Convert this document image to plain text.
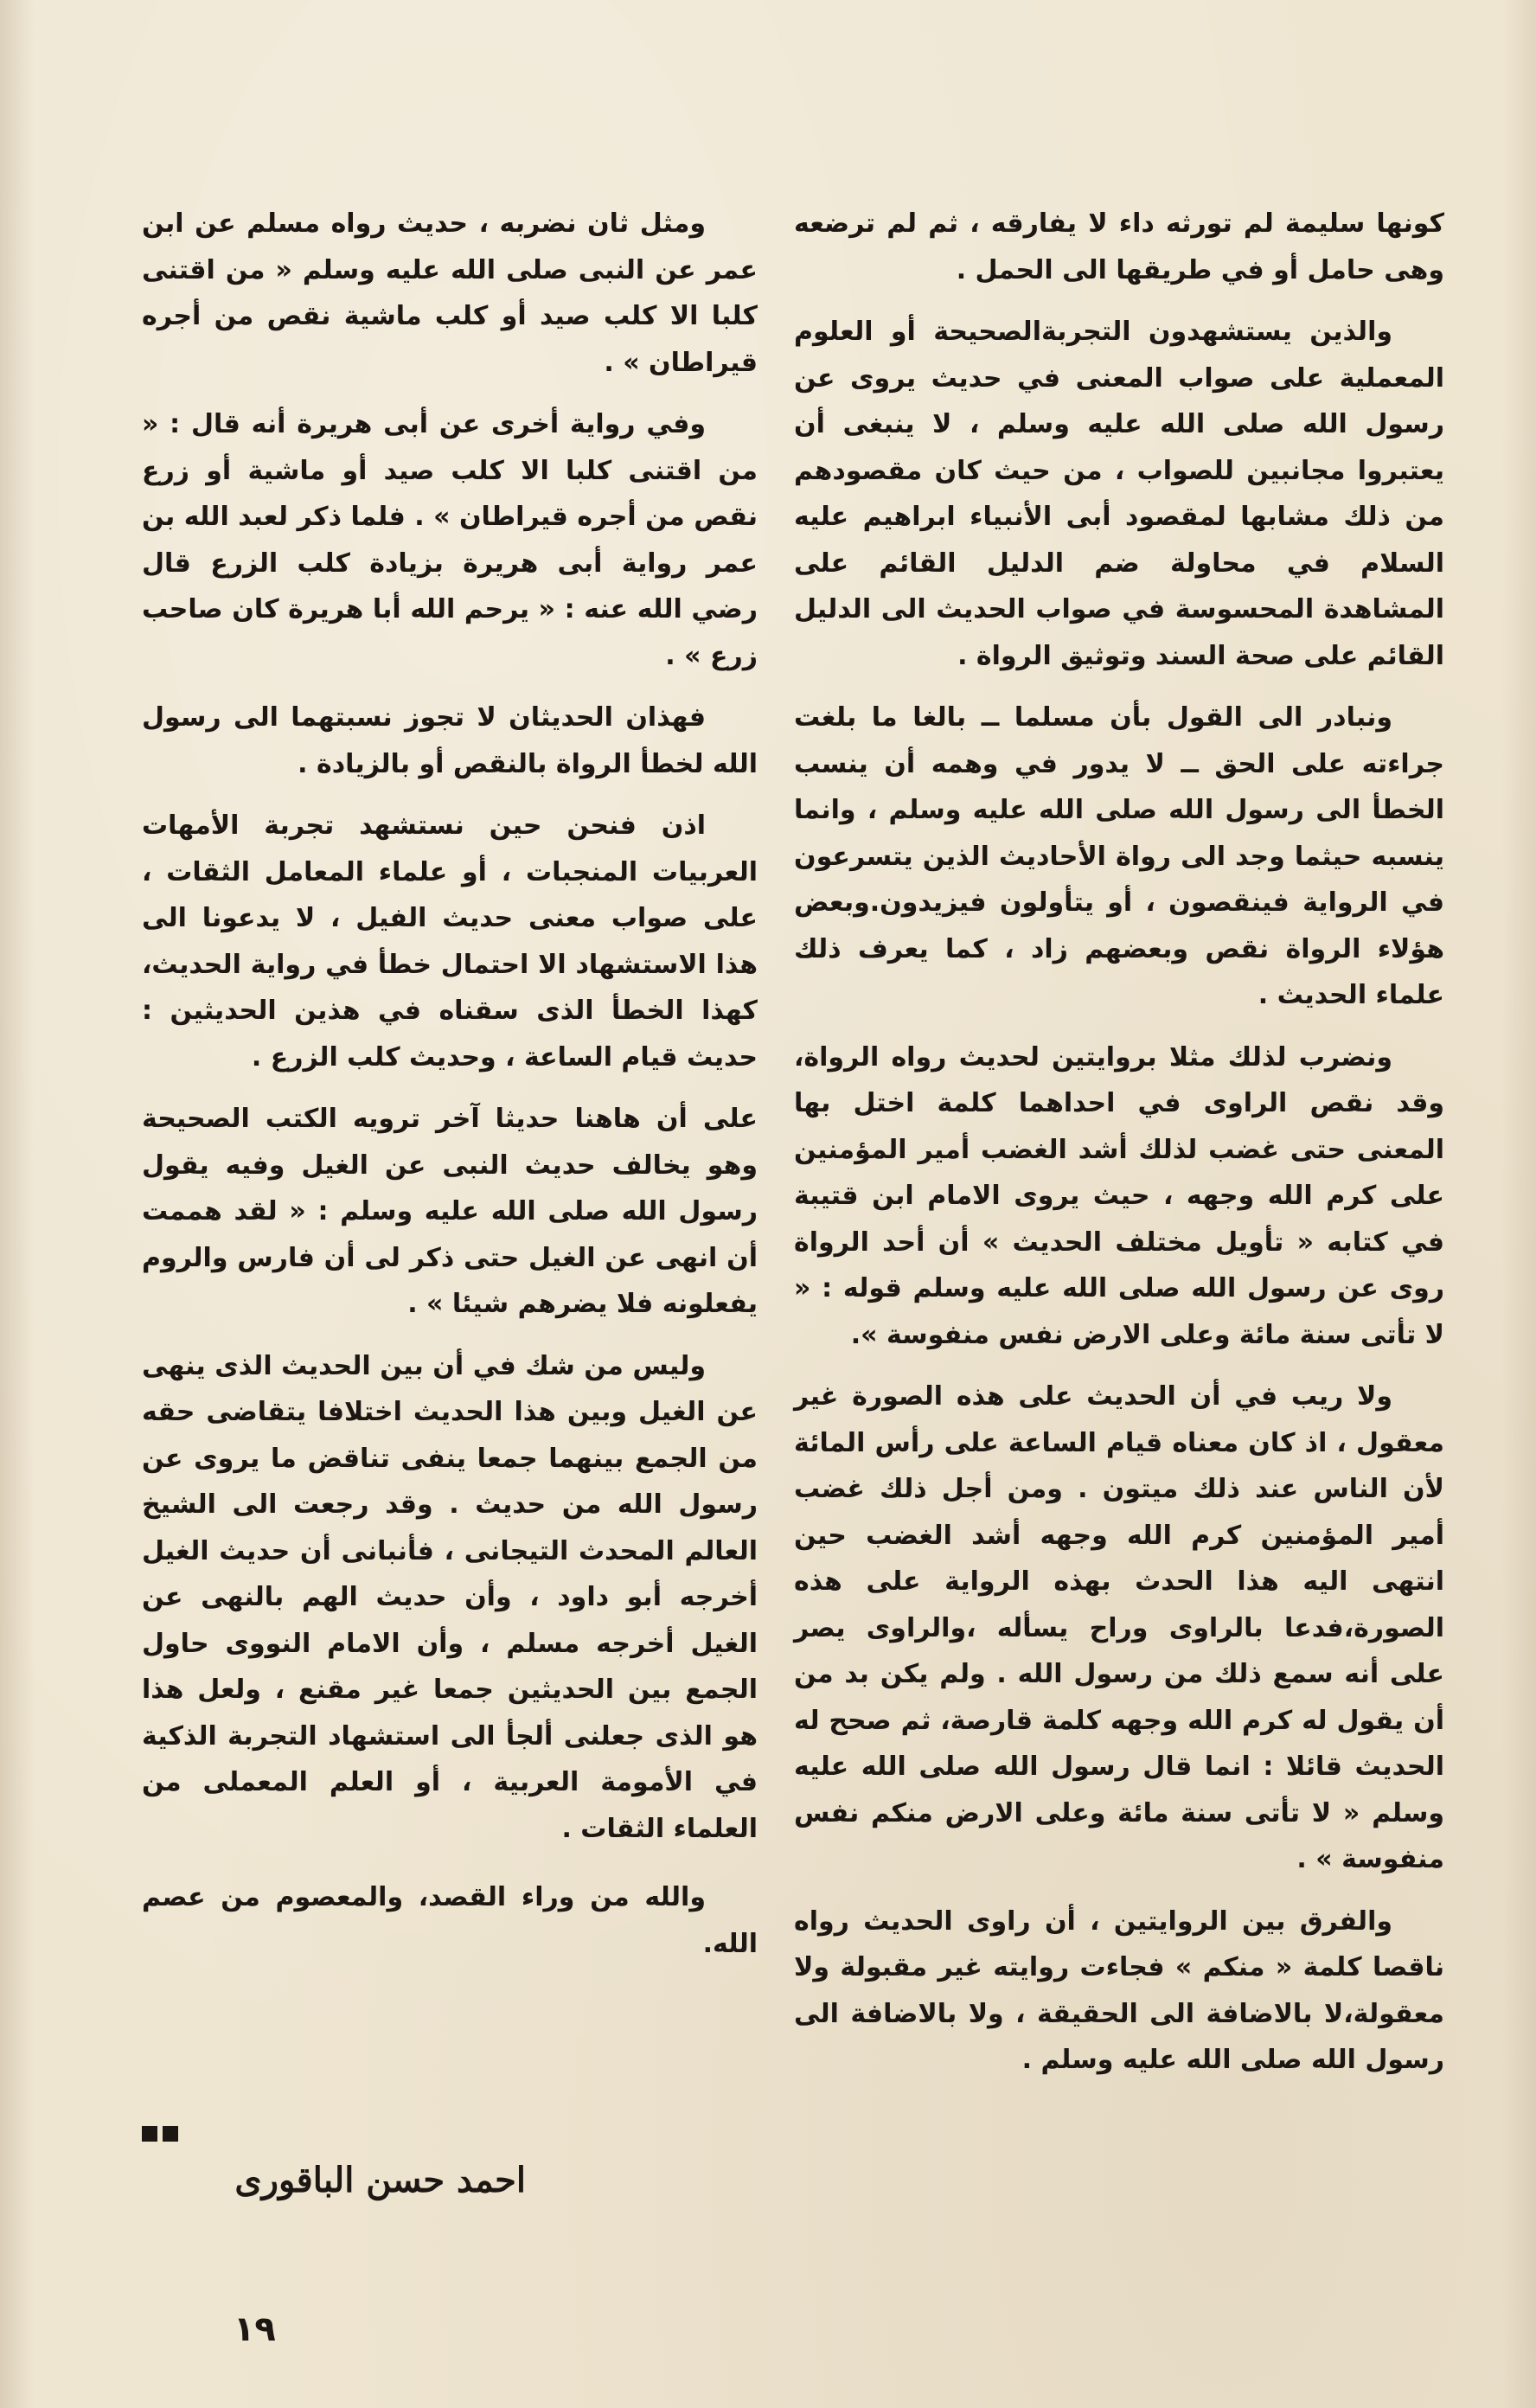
كونها سليمة لم تورثه داء لا يفارقه ، ثم لم ترضعه وهى حامل أو في طريقها الى الحمل .

والذين يستشهدون التجربةالصحيحة أو العلوم المعملية على صواب المعنى في حديث يروى عن رسول الله صلى الله عليه وسلم ، لا ينبغى أن يعتبروا مجانبين للصواب ، من حيث كان مقصودهم من ذلك مشابها لمقصود أبى الأنبياء ابراهيم عليه السلام في محاولة ضم الدليل القائم على المشاهدة المحسوسة في صواب الحديث الى الدليل القائم على صحة السند وتوثيق الرواة .

ونبادر الى القول بأن مسلما ــ بالغا ما بلغت جراءته على الحق ــ لا يدور في وهمه أن ينسب الخطأ الى رسول الله صلى الله عليه وسلم ، وانما ينسبه حيثما وجد الى رواة الأحاديث الذين يتسرعون في الرواية فينقصون ، أو يتأولون فيزيدون.وبعض هؤلاء الرواة نقص وبعضهم زاد ، كما يعرف ذلك علماء الحديث .

ونضرب لذلك مثلا بروايتين لحديث رواه الرواة، وقد نقص الراوى في احداهما كلمة اختل بها المعنى حتى غضب لذلك أشد الغضب أمير المؤمنين على كرم الله وجهه ، حيث يروى الامام ابن قتيبة في كتابه « تأويل مختلف الحديث » أن أحد الرواة روى عن رسول الله صلى الله عليه وسلم قوله : « لا تأتى سنة مائة وعلى الارض نفس منفوسة ».

ولا ريب في أن الحديث على هذه الصورة غير معقول ، اذ كان معناه قيام الساعة على رأس المائة لأن الناس عند ذلك ميتون . ومن أجل ذلك غضب أمير المؤمنين كرم الله وجهه أشد الغضب حين انتهى اليه هذا الحدث بهذه الرواية على هذه الصورة،فدعا بالراوى وراح يسأله ،والراوى يصر على أنه سمع ذلك من رسول الله . ولم يكن بد من أن يقول له كرم الله وجهه كلمة قارصة، ثم صحح له الحديث قائلا : انما قال رسول الله صلى الله عليه وسلم « لا تأتى سنة مائة وعلى الارض منكم نفس منفوسة » .

والفرق بين الروايتين ، أن راوى الحديث رواه ناقصا كلمة « منكم » فجاءت روايته غير مقبولة ولا معقولة،لا بالاضافة الى الحقيقة ، ولا بالاضافة الى رسول الله صلى الله عليه وسلم .

ومثل ثان نضربه ، حديث رواه مسلم عن ابن عمر عن النبى صلى الله عليه وسلم « من اقتنى كلبا الا كلب صيد أو كلب ماشية نقص من أجره قيراطان » .

وفي رواية أخرى عن أبى هريرة أنه قال : « من اقتنى كلبا الا كلب صيد أو ماشية أو زرع نقص من أجره قيراطان » . فلما ذكر لعبد الله بن عمر رواية أبى هريرة بزيادة كلب الزرع قال رضي الله عنه : « يرحم الله أبا هريرة كان صاحب زرع » .

فهذان الحديثان لا تجوز نسبتهما الى رسول الله لخطأ الرواة بالنقص أو بالزيادة .

اذن فنحن حين نستشهد تجربة الأمهات العربيات المنجبات ، أو علماء المعامل الثقات ، على صواب معنى حديث الفيل ، لا يدعونا الى هذا الاستشهاد الا احتمال خطأ في رواية الحديث، كهذا الخطأ الذى سقناه في هذين الحديثين : حديث قيام الساعة ، وحديث كلب الزرع .

على أن هاهنا حديثا آخر ترويه الكتب الصحيحة وهو يخالف حديث النبى عن الغيل وفيه يقول رسول الله صلى الله عليه وسلم : « لقد هممت أن انهى عن الغيل حتى ذكر لى أن فارس والروم يفعلونه فلا يضرهم شيئا » .

وليس من شك في أن بين الحديث الذى ينهى عن الغيل وبين هذا الحديث اختلافا يتقاضى حقه من الجمع بينهما جمعا ينفى تناقض ما يروى عن رسول الله من حديث . وقد رجعت الى الشيخ العالم المحدث التيجانى ، فأنبانى أن حديث الغيل أخرجه أبو داود ، وأن حديث الهم بالنهى عن الغيل أخرجه مسلم ، وأن الامام النووى حاول الجمع بين الحديثين جمعا غير مقنع ، ولعل هذا هو الذى جعلنى ألجأ الى استشهاد التجربة الذكية في الأمومة العربية ، أو العلم المعملى من العلماء الثقات .

والله من وراء القصد، والمعصوم من عصم الله.

احمد حسن الباقورى
١٩
